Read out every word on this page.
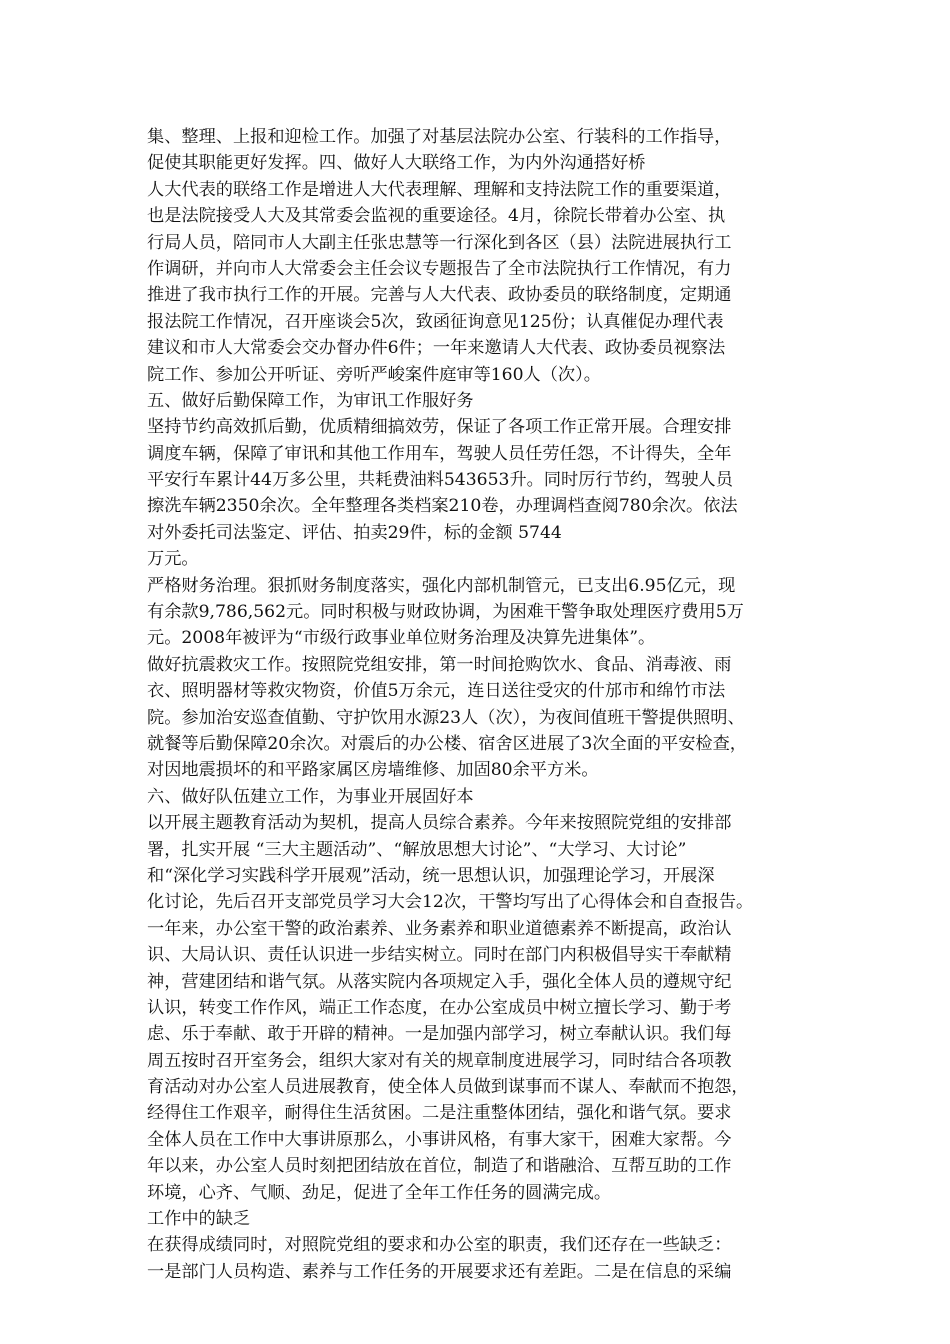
集、整理、上报和迎检工作。加强了对基层法院办公室、行装科的工作指导，
促使其职能更好发挥。四、做好人大联络工作，为内外沟通搭好桥
人大代表的联络工作是增进人大代表理解、理解和支持法院工作的重要渠道，
也是法院接受人大及其常委会监视的重要途径。4月，徐院长带着办公室、执
行局人员，陪同市人大副主任张忠慧等一行深化到各区（县）法院进展执行工
作调研，并向市人大常委会主任会议专题报告了全市法院执行工作情况，有力
推进了我市执行工作的开展。完善与人大代表、政协委员的联络制度，定期通
报法院工作情况，召开座谈会5次，致函征询意见125份；认真催促办理代表
建议和市人大常委会交办督办件6件；一年来邀请人大代表、政协委员视察法
院工作、参加公开听证、旁听严峻案件庭审等160人（次）。
五、做好后勤保障工作，为审讯工作服好务
坚持节约高效抓后勤，优质精细搞效劳，保证了各项工作正常开展。合理安排
调度车辆，保障了审讯和其他工作用车，驾驶人员任劳任怨，不计得失，全年
平安行车累计44万多公里，共耗费油料543653升。同时厉行节约，驾驶人员
擦洗车辆2350余次。全年整理各类档案210卷，办理调档查阅780余次。依法
对外委托司法鉴定、评估、拍卖29件，标的金额 5744
万元。
严格财务治理。狠抓财务制度落实，强化内部机制管元，已支出6.95亿元，现
有余款9,786,562元。同时积极与财政协调，为困难干警争取处理医疗费用5万
元。2008年被评为“市级行政事业单位财务治理及决算先进集体”。
做好抗震救灾工作。按照院党组安排，第一时间抢购饮水、食品、消毒液、雨
衣、照明器材等救灾物资，价值5万余元，连日送往受灾的什邡市和绵竹市法
院。参加治安巡查值勤、守护饮用水源23人（次），为夜间值班干警提供照明、
就餐等后勤保障20余次。对震后的办公楼、宿舍区进展了3次全面的平安检查，
对因地震损坏的和平路家属区房墙维修、加固80余平方米。
六、做好队伍建立工作，为事业开展固好本
以开展主题教育活动为契机，提高人员综合素养。今年来按照院党组的安排部
署，扎实开展 “三大主题活动”、“解放思想大讨论”、“大学习、大讨论”
和“深化学习实践科学开展观”活动，统一思想认识，加强理论学习，开展深
化讨论，先后召开支部党员学习大会12次，干警均写出了心得体会和自查报告。
一年来，办公室干警的政治素养、业务素养和职业道德素养不断提高，政治认
识、大局认识、责任认识进一步结实树立。同时在部门内积极倡导实干奉献精
神，营建团结和谐气氛。从落实院内各项规定入手，强化全体人员的遵规守纪
认识，转变工作作风，端正工作态度，在办公室成员中树立擅长学习、勤于考
虑、乐于奉献、敢于开辟的精神。一是加强内部学习，树立奉献认识。我们每
周五按时召开室务会，组织大家对有关的规章制度进展学习，同时结合各项教
育活动对办公室人员进展教育，使全体人员做到谋事而不谋人、奉献而不抱怨，
经得住工作艰辛，耐得住生活贫困。二是注重整体团结，强化和谐气氛。要求
全体人员在工作中大事讲原那么，小事讲风格，有事大家干，困难大家帮。今
年以来，办公室人员时刻把团结放在首位，制造了和谐融洽、互帮互助的工作
环境，心齐、气顺、劲足，促进了全年工作任务的圆满完成。
工作中的缺乏
在获得成绩同时，对照院党组的要求和办公室的职责，我们还存在一些缺乏：
一是部门人员构造、素养与工作任务的开展要求还有差距。二是在信息的采编
